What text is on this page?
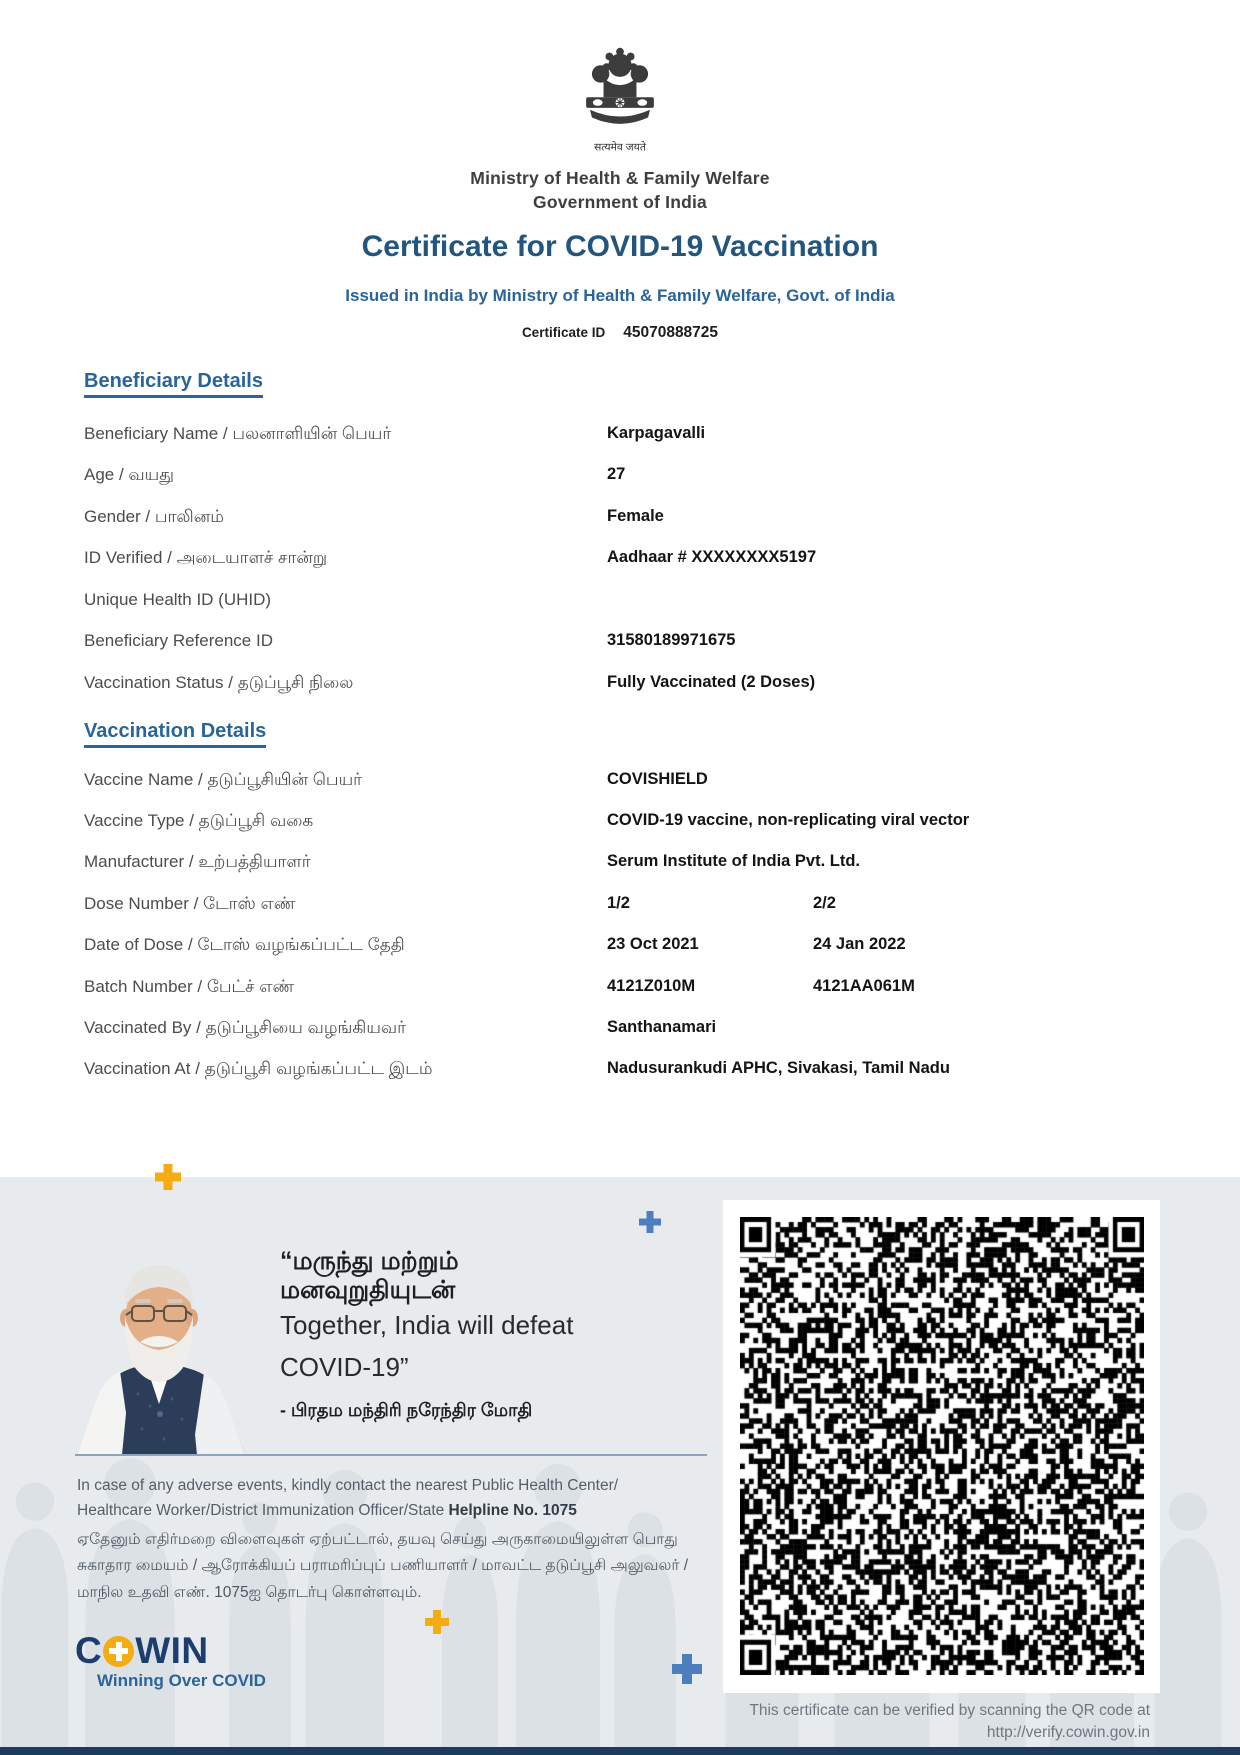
सत्यमेव जयते
Ministry of Health & Family Welfare
Government of India
Certificate for COVID-19 Vaccination
Issued in India by Ministry of Health & Family Welfare, Govt. of India
Certificate ID 45070888725
Beneficiary Details
Beneficiary Name / பலனாளியின் பெயர்	Karpagavalli
Age / வயது	27
Gender / பாலினம்	Female
ID Verified / அடையாளச் சான்று	Aadhaar # XXXXXXXX5197
Unique Health ID (UHID)
Beneficiary Reference ID	31580189971675
Vaccination Status / தடுப்பூசி நிலை	Fully Vaccinated (2 Doses)
Vaccination Details
Vaccine Name / தடுப்பூசியின் பெயர்	COVISHIELD
Vaccine Type / தடுப்பூசி வகை	COVID-19 vaccine, non-replicating viral vector
Manufacturer / உற்பத்தியாளர்	Serum Institute of India Pvt. Ltd.
Dose Number / டோஸ் எண்	1/2	2/2
Date of Dose / டோஸ் வழங்கப்பட்ட தேதி	23 Oct 2021	24 Jan 2022
Batch Number / பேட்ச் எண்	4121Z010M	4121AA061M
Vaccinated By / தடுப்பூசியை வழங்கியவர்	Santhanamari
Vaccination At / தடுப்பூசி வழங்கப்பட்ட இடம்	Nadusurankudi APHC, Sivakasi, Tamil Nadu
“மருந்து மற்றும்
மனவுறுதியுடன்
Together, India will defeat
COVID-19”
- பிரதம மந்திரி நரேந்திர மோதி
In case of any adverse events, kindly contact the nearest Public Health Center/
Healthcare Worker/District Immunization Officer/State Helpline No. 1075
ஏதேனும் எதிர்மறை விளைவுகள் ஏற்பட்டால், தயவு செய்து அருகாமையிலுள்ள பொது
சுகாதார மையம் / ஆரோக்கியப் பராமரிப்புப் பணியாளர் / மாவட்ட தடுப்பூசி அலுவலர் /
மாநில உதவி எண். 1075ஐ தொடர்பு கொள்ளவும்.
C WIN
Winning Over COVID
This certificate can be verified by scanning the QR code at
http://verify.cowin.gov.in
